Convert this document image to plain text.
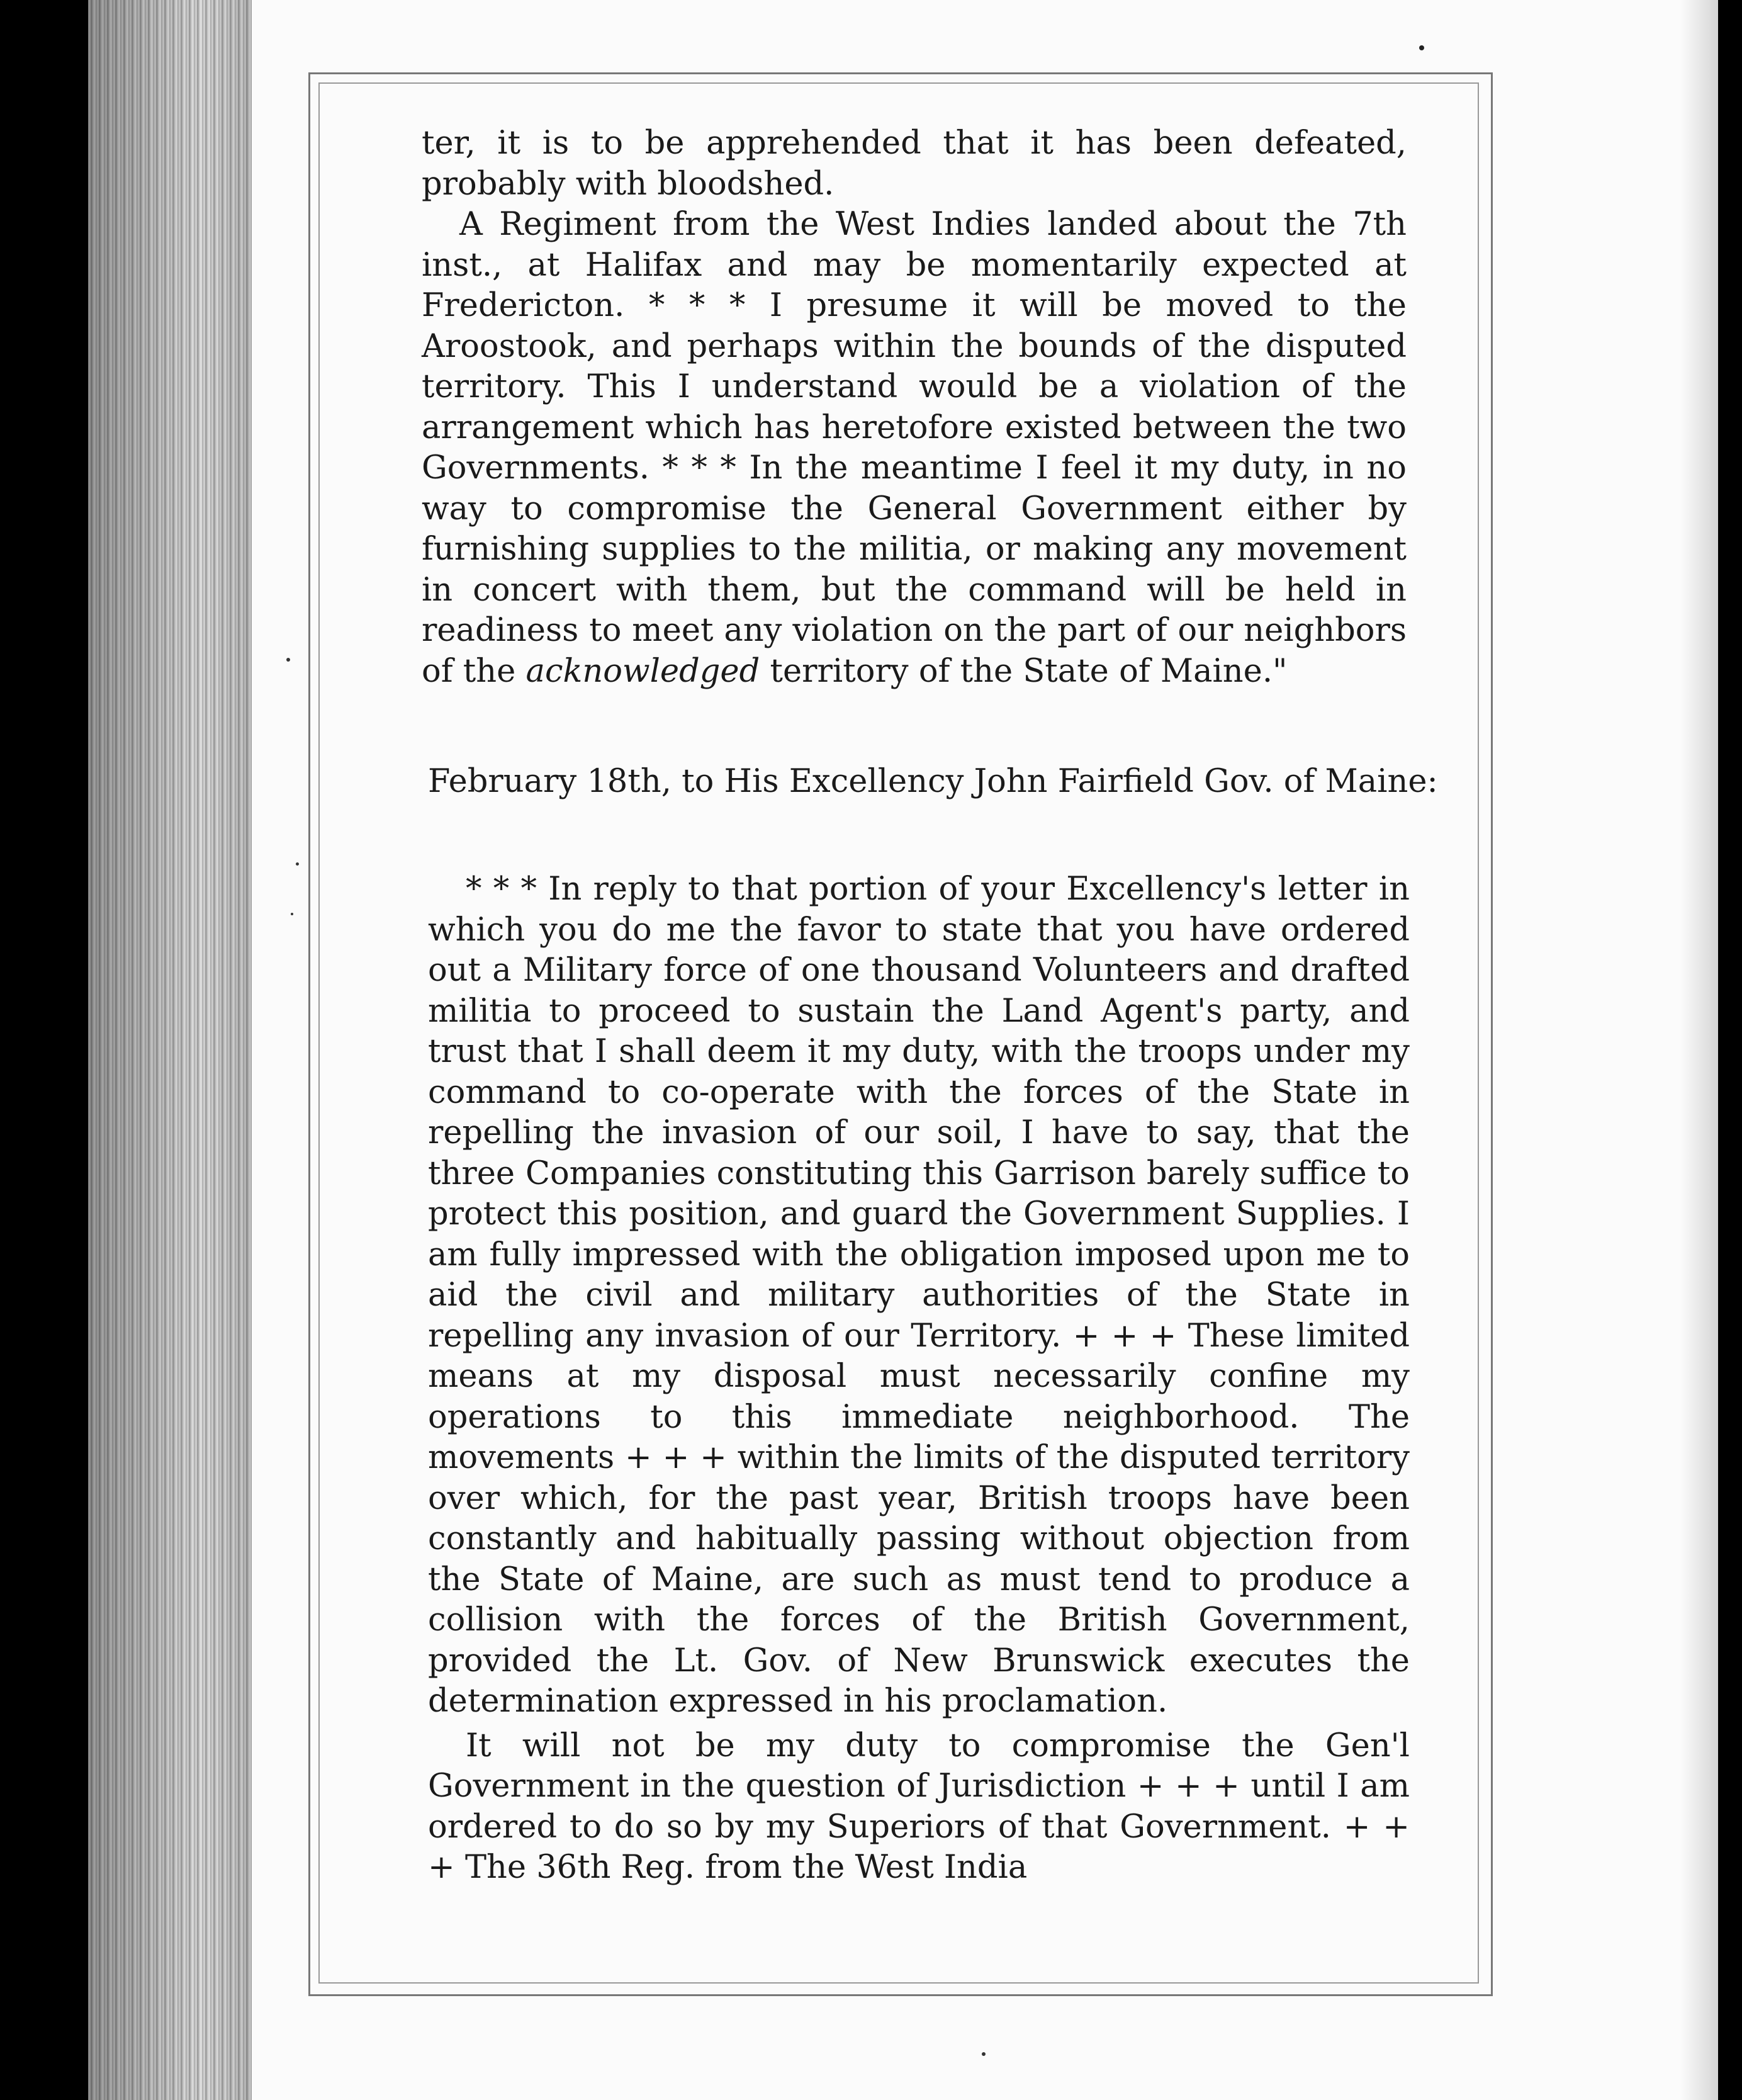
ter, it is to be apprehended that it has been defeated, probably with bloodshed.

A Regiment from the West Indies landed about the 7th inst., at Halifax and may be momentarily expected at Fredericton. * * * I presume it will be moved to the Aroostook, and perhaps within the bounds of the disputed territory. This I understand would be a violation of the arrangement which has heretofore existed between the two Governments. * * * In the meantime I feel it my duty, in no way to compromise the General Government either by furnishing supplies to the militia, or making any movement in concert with them, but the command will be held in readiness to meet any violation on the part of our neighbors of the acknowledged territory of the State of Maine."

February 18th, to His Excellency John Fairfield Gov. of Maine:

* * * In reply to that portion of your Excellency's letter in which you do me the favor to state that you have ordered out a Military force of one thousand Volunteers and drafted militia to proceed to sustain the Land Agent's party, and trust that I shall deem it my duty, with the troops under my command to co-operate with the forces of the State in repelling the invasion of our soil, I have to say, that the three Companies constituting this Garrison barely suffice to protect this position, and guard the Government Supplies. I am fully impressed with the obligation imposed upon me to aid the civil and military authorities of the State in repelling any invasion of our Territory. + + + These limited means at my disposal must necessarily confine my operations to this immediate neighborhood. The movements + + + within the limits of the disputed territory over which, for the past year, British troops have been constantly and habitually passing without objection from the State of Maine, are such as must tend to produce a collision with the forces of the British Government, provided the Lt. Gov. of New Brunswick executes the determination expressed in his proclamation.

It will not be my duty to compromise the Gen'l Government in the question of Jurisdiction + + + until I am ordered to do so by my Superiors of that Government. + + + The 36th Reg. from the West India
